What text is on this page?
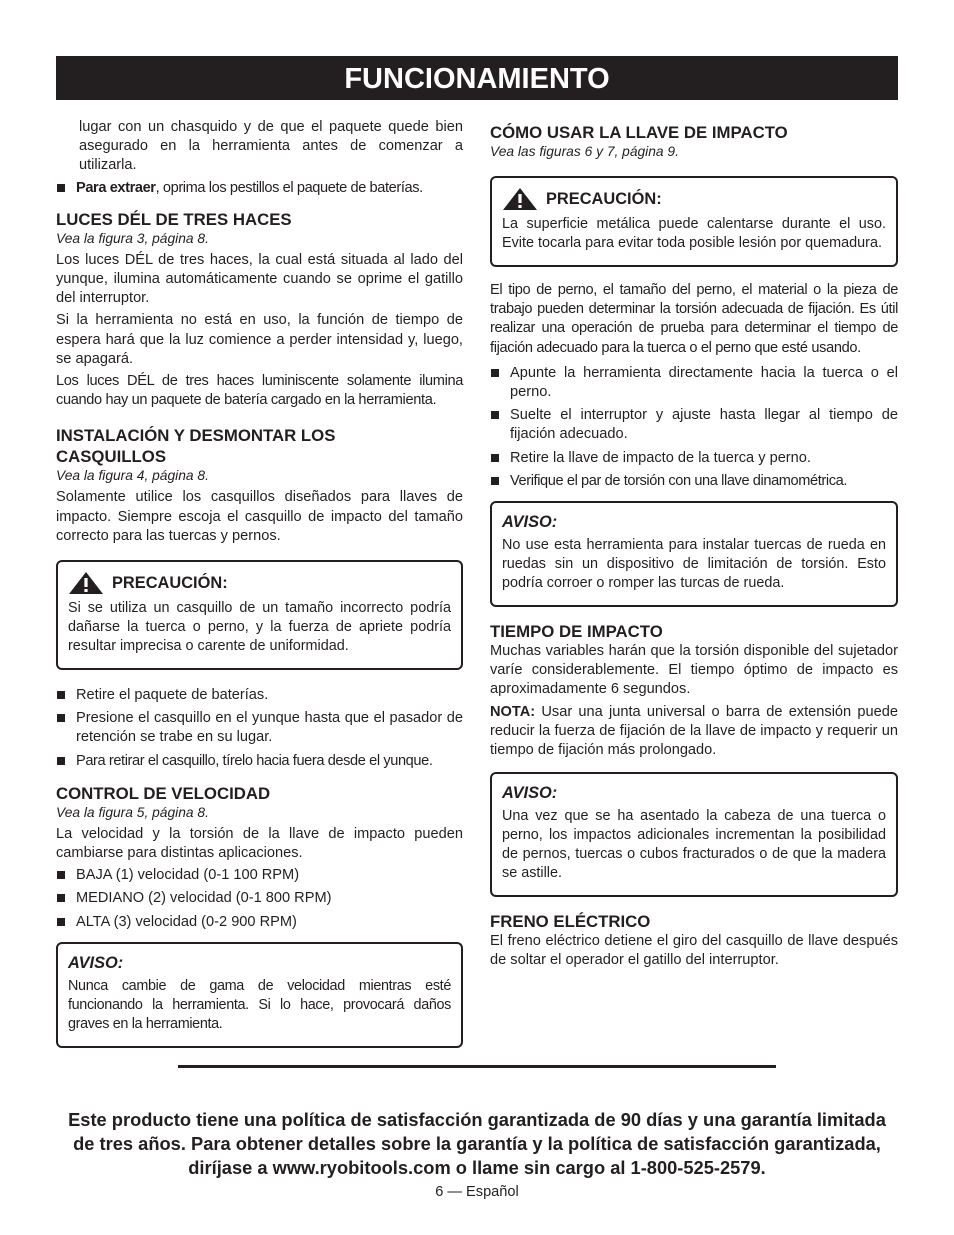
FUNCIONAMIENTO

lugar con un chasquido y de que el paquete quede bien asegurado en la herramienta antes de comenzar a utilizarla.

Para extraer, oprima los pestillos el paquete de baterías.
LUCES DÉL DE TRES HACES
Vea la figura 3, página 8.

Los luces DÉL de tres haces, la cual está situada al lado del yunque, ilumina automáticamente cuando se oprime el gatillo del interruptor.

Si la herramienta no está en uso, la función de tiempo de espera hará que la luz comience a perder intensidad y, luego, se apagará.

Los luces DÉL de tres haces luminiscente solamente ilumina cuando hay un paquete de batería cargado en la herramienta.

INSTALACIÓN Y DESMONTAR LOS
CASQUILLOS
Vea la figura 4, página 8.

Solamente utilice los casquillos diseñados para llaves de impacto. Siempre escoja el casquillo de impacto del tamaño correcto para las tuercas y pernos.

PRECAUCIÓN:

Si se utiliza un casquillo de un tamaño incorrecto podría dañarse la tuerca o perno, y la fuerza de apriete podría resultar imprecisa o carente de uniformidad.

Retire el paquete de baterías.
Presione el casquillo en el yunque hasta que el pasador de retención se trabe en su lugar.
Para retirar el casquillo, tírelo hacia fuera desde el yunque.
CONTROL DE VELOCIDAD
Vea la figura 5, página 8.

La velocidad y la torsión de la llave de impacto pueden cambiarse para distintas aplicaciones.

BAJA (1) velocidad (0-1 100 RPM)
MEDIANO (2) velocidad (0-1 800 RPM)
ALTA (3) velocidad (0-2 900 RPM)
AVISO:

Nunca cambie de gama de velocidad mientras esté funcionando la herramienta. Si lo hace, provocará daños graves en la herramienta.

CÓMO USAR LA LLAVE DE IMPACTO
Vea las figuras 6 y 7, página 9.
PRECAUCIÓN:

La superficie metálica puede calentarse durante el uso. Evite tocarla para evitar toda posible lesión por quemadura.

El tipo de perno, el tamaño del perno, el material o la pieza de trabajo pueden determinar la torsión adecuada de fijación. Es útil realizar una operación de prueba para determinar el tiempo de fijación adecuado para la tuerca o el perno que esté usando.

Apunte la herramienta directamente hacia la tuerca o el perno.
Suelte el interruptor y ajuste hasta llegar al tiempo de fijación adecuado.
Retire la llave de impacto de la tuerca y perno.
Verifique el par de torsión con una llave dinamométrica.
AVISO:

No use esta herramienta para instalar tuercas de rueda en ruedas sin un dispositivo de limitación de torsión. Esto podría corroer o romper las turcas de rueda.

TIEMPO DE IMPACTO

Muchas variables harán que la torsión disponible del sujetador varíe considerablemente. El tiempo óptimo de impacto es aproximadamente 6 segundos.

NOTA: Usar una junta universal o barra de extensión puede reducir la fuerza de fijación de la llave de impacto y requerir un tiempo de fijación más prolongado.

AVISO:

Una vez que se ha asentado la cabeza de una tuerca o perno, los impactos adicionales incrementan la posibilidad de pernos, tuercas o cubos fracturados o de que la madera se astille.

FRENO ELÉCTRICO

El freno eléctrico detiene el giro del casquillo de llave después de soltar el operador el gatillo del interruptor.

Este producto tiene una política de satisfacción garantizada de 90 días y una garantía limitada de tres años. Para obtener detalles sobre la garantía y la política de satisfacción garantizada, diríjase a www.ryobitools.com o llame sin cargo al 1-800-525-2579.
6 — Español
